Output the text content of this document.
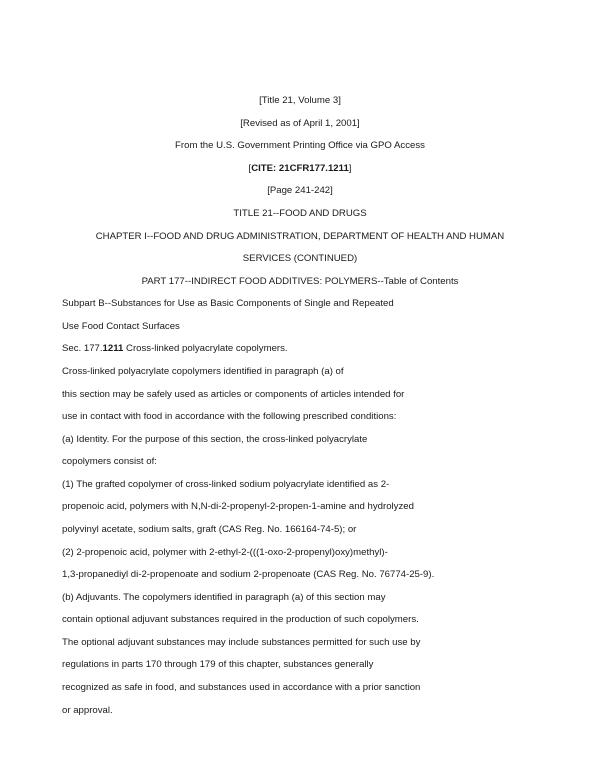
[Title 21, Volume 3]
[Revised as of April 1, 2001]
From the U.S. Government Printing Office via GPO Access
[CITE: 21CFR177.1211]
[Page 241-242]
TITLE 21--FOOD AND DRUGS
CHAPTER I--FOOD AND DRUG ADMINISTRATION, DEPARTMENT OF HEALTH AND HUMAN
SERVICES (CONTINUED)
PART 177--INDIRECT FOOD ADDITIVES: POLYMERS--Table of Contents
Subpart B--Substances for Use as Basic Components of Single and Repeated
Use Food Contact Surfaces
Sec. 177.1211 Cross-linked polyacrylate copolymers.
Cross-linked polyacrylate copolymers identified in paragraph (a) of
this section may be safely used as articles or components of articles intended for
use in contact with food in accordance with the following prescribed conditions:
(a) Identity. For the purpose of this section, the cross-linked polyacrylate
copolymers consist of:
(1) The grafted copolymer of cross-linked sodium polyacrylate identified as 2-
propenoic acid, polymers with N,N-di-2-propenyl-2-propen-1-amine and hydrolyzed
polyvinyl acetate, sodium salts, graft (CAS Reg. No. 166164-74-5); or
(2) 2-propenoic acid, polymer with 2-ethyl-2-(((1-oxo-2-propenyl)oxy)methyl)-
1,3-propanediyl di-2-propenoate and sodium 2-propenoate (CAS Reg. No. 76774-25-9).
(b) Adjuvants. The copolymers identified in paragraph (a) of this section may
contain optional adjuvant substances required in the production of such copolymers.
The optional adjuvant substances may include substances permitted for such use by
regulations in parts 170 through 179 of this chapter, substances generally
recognized as safe in food, and substances used in accordance with a prior sanction
or approval.
